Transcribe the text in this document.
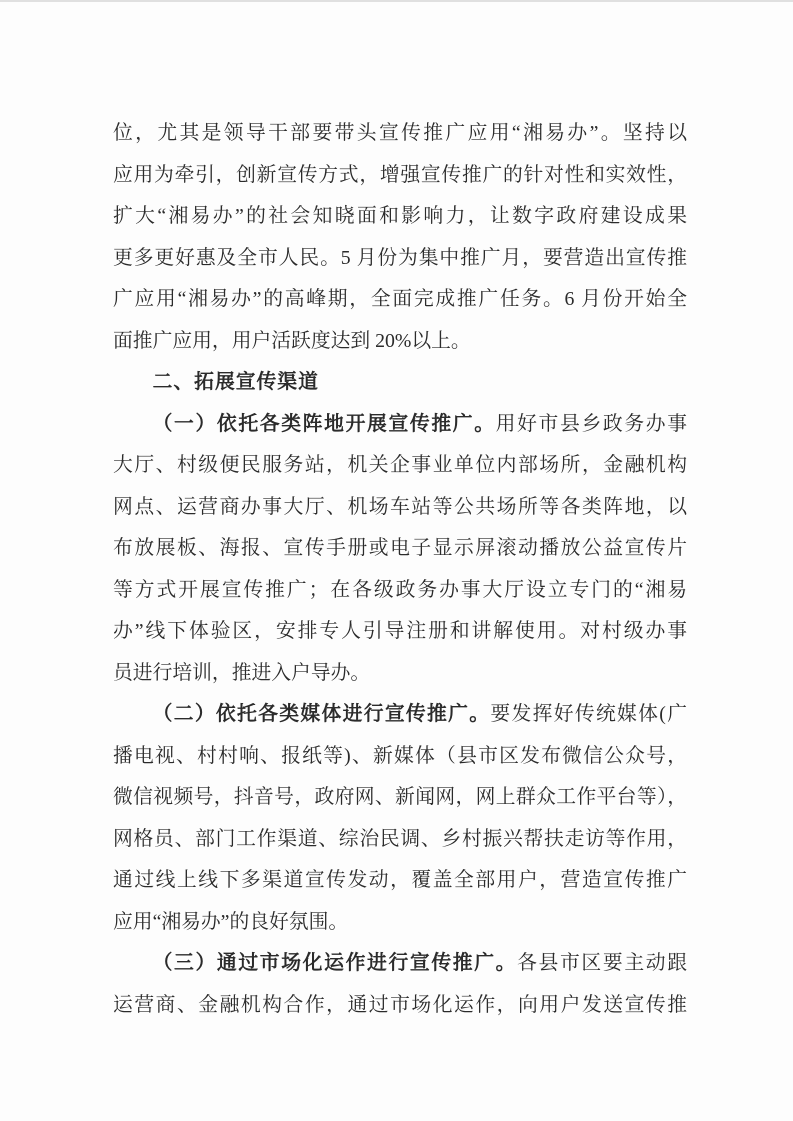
位，尤其是领导干部要带头宣传推广应用“湘易办”。坚持以
应用为牵引，创新宣传方式，增强宣传推广的针对性和实效性，
扩大“湘易办”的社会知晓面和影响力，让数字政府建设成果
更多更好惠及全市人民。5 月份为集中推广月，要营造出宣传推
广应用“湘易办”的高峰期，全面完成推广任务。6 月份开始全
面推广应用，用户活跃度达到 20%以上。
二、拓展宣传渠道
（一）依托各类阵地开展宣传推广。用好市县乡政务办事
大厅、村级便民服务站，机关企事业单位内部场所，金融机构
网点、运营商办事大厅、机场车站等公共场所等各类阵地，以
布放展板、海报、宣传手册或电子显示屏滚动播放公益宣传片
等方式开展宣传推广；在各级政务办事大厅设立专门的“湘易
办”线下体验区，安排专人引导注册和讲解使用。对村级办事
员进行培训，推进入户导办。
（二）依托各类媒体进行宣传推广。要发挥好传统媒体(广
播电视、村村响、报纸等)、新媒体（县市区发布微信公众号，
微信视频号，抖音号，政府网、新闻网，网上群众工作平台等），
网格员、部门工作渠道、综治民调、乡村振兴帮扶走访等作用，
通过线上线下多渠道宣传发动，覆盖全部用户，营造宣传推广
应用“湘易办”的良好氛围。
（三）通过市场化运作进行宣传推广。各县市区要主动跟
运营商、金融机构合作，通过市场化运作，向用户发送宣传推
